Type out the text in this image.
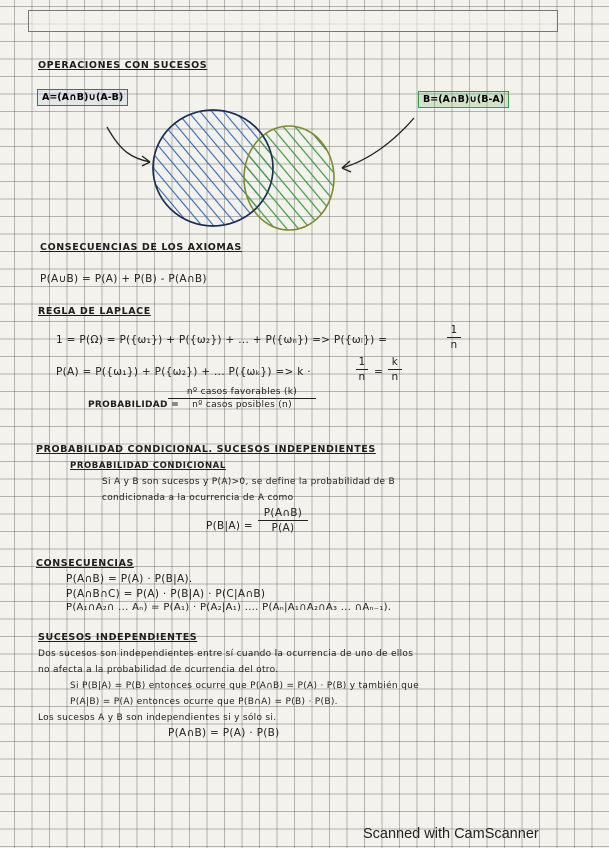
OPERACIONES CON SUCESOS
A=(A∩B)∪(A-B)	B=(A∩B)∪(B-A)
CONSECUENCIAS DE LOS AXIOMAS
P(A∪B) = P(A) + P(B) - P(A∩B)
REGLA DE LAPLACE
1 = P(Ω) = P({ω₁}) + P({ω₂}) + ... + P({ωₙ}) => P({ωᵢ}) =
1
n
P(A) = P({ω₁}) + P({ω₂}) + ... P({ωₖ}) => k ·
1
n =
k
n
PROBABILIDAD =
nº casos favorables (k)
nº casos posibles (n)
PROBABILIDAD CONDICIONAL. SUCESOS INDEPENDIENTES
PROBABILIDAD CONDICIONAL
Si A y B son sucesos y P(A)>0, se define la probabilidad de B
condicionada a la ocurrencia de A como
P(B|A) =
P(A∩B)
P(A)
CONSECUENCIAS
P(A∩B) = P(A) · P(B|A).
P(A∩B∩C) = P(A) · P(B|A) · P(C|A∩B)
P(A₁∩A₂∩ ... Aₙ) = P(A₁) · P(A₂|A₁) .... P(Aₙ|A₁∩A₂∩A₃ ... ∩Aₙ₋₁).
SUCESOS INDEPENDIENTES
Dos sucesos son independientes entre sí cuando la ocurrencia de uno de ellos
no afecta a la probabilidad de ocurrencia del otro.
Si P(B|A) = P(B) entonces ocurre que P(A∩B) = P(A) · P(B) y también que
P(A|B) = P(A) entonces ocurre que P(B∩A) = P(B) · P(B).
Los sucesos A y B son independientes si y sólo si.
P(A∩B) = P(A) · P(B)
Scanned with CamScanner
